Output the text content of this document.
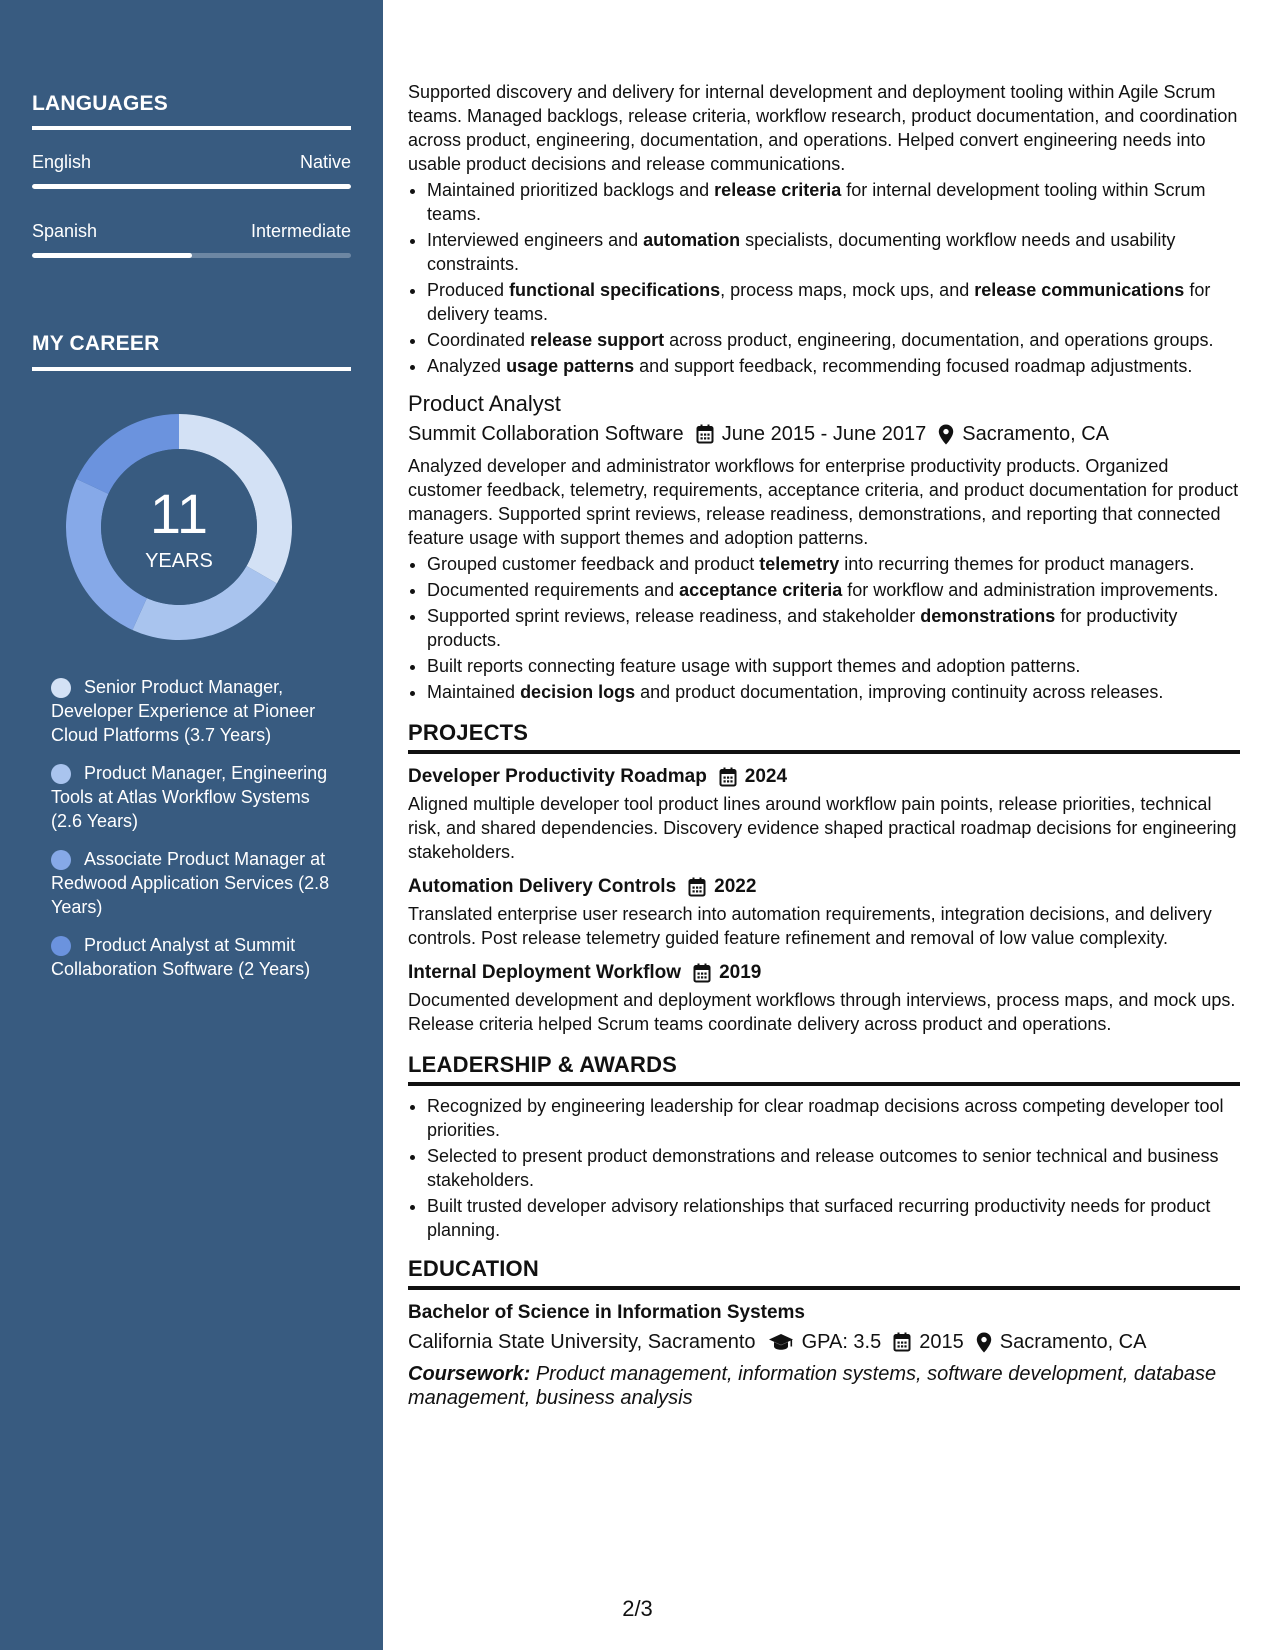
LANGUAGES
English	Native
Spanish	Intermediate
MY CAREER
11
YEARS
Senior Product Manager, Developer Experience at Pioneer Cloud Platforms (3.7 Years)
Product Manager, Engineering Tools at Atlas Workflow Systems (2.6 Years)
Associate Product Manager at Redwood Application Services (2.8 Years)
Product Analyst at Summit Collaboration Software (2 Years)

Supported discovery and delivery for internal development and deployment tooling within Agile Scrum teams. Managed backlogs, release criteria, workflow research, product documentation, and coordination across product, engineering, documentation, and operations. Helped convert engineering needs into usable product decisions and release communications.

• Maintained prioritized backlogs and release criteria for internal development tooling within Scrum teams.
• Interviewed engineers and automation specialists, documenting workflow needs and usability constraints.
• Produced functional specifications, process maps, mock ups, and release communications for delivery teams.
• Coordinated release support across product, engineering, documentation, and operations groups.
• Analyzed usage patterns and support feedback, recommending focused roadmap adjustments.
Product Analyst
Summit Collaboration Software June 2015 - June 2017 Sacramento, CA

Analyzed developer and administrator workflows for enterprise productivity products. Organized customer feedback, telemetry, requirements, acceptance criteria, and product documentation for product managers. Supported sprint reviews, release readiness, demonstrations, and reporting that connected feature usage with support themes and adoption patterns.

• Grouped customer feedback and product telemetry into recurring themes for product managers.
• Documented requirements and acceptance criteria for workflow and administration improvements.
• Supported sprint reviews, release readiness, and stakeholder demonstrations for productivity products.
• Built reports connecting feature usage with support themes and adoption patterns.
• Maintained decision logs and product documentation, improving continuity across releases.
PROJECTS
Developer Productivity Roadmap 2024

Aligned multiple developer tool product lines around workflow pain points, release priorities, technical risk, and shared dependencies. Discovery evidence shaped practical roadmap decisions for engineering stakeholders.

Automation Delivery Controls 2022

Translated enterprise user research into automation requirements, integration decisions, and delivery controls. Post release telemetry guided feature refinement and removal of low value complexity.

Internal Deployment Workflow 2019

Documented development and deployment workflows through interviews, process maps, and mock ups. Release criteria helped Scrum teams coordinate delivery across product and operations.

LEADERSHIP & AWARDS
• Recognized by engineering leadership for clear roadmap decisions across competing developer tool priorities.
• Selected to present product demonstrations and release outcomes to senior technical and business stakeholders.
• Built trusted developer advisory relationships that surfaced recurring productivity needs for product planning.
EDUCATION
Bachelor of Science in Information Systems
California State University, Sacramento GPA: 3.5 2015 Sacramento, CA
Coursework: Product management, information systems, software development, database management, business analysis
2/3
